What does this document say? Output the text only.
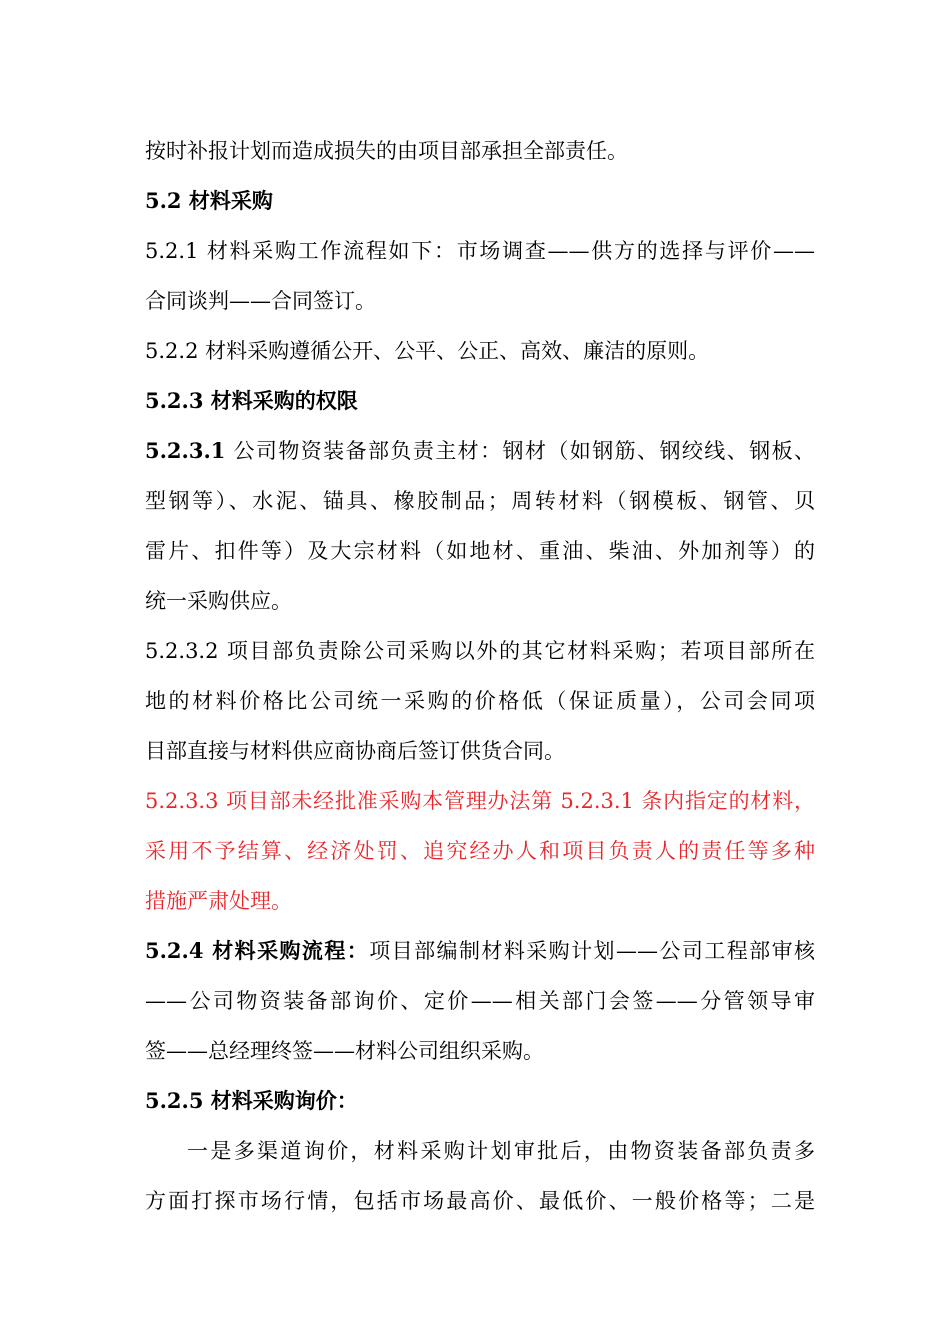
按时补报计划而造成损失的由项目部承担全部责任。
5.2 材料采购
5.2.1 材料采购工作流程如下：市场调查——供方的选择与评价——
合同谈判——合同签订。
5.2.2 材料采购遵循公开、公平、公正、高效、廉洁的原则。
5.2.3 材料采购的权限
5.2.3.1 公司物资装备部负责主材：钢材（如钢筋、钢绞线、钢板、
型钢等）、水泥、锚具、橡胶制品；周转材料（钢模板、钢管、贝
雷片、扣件等）及大宗材料（如地材、重油、柴油、外加剂等）的
统一采购供应。
5.2.3.2 项目部负责除公司采购以外的其它材料采购；若项目部所在
地的材料价格比公司统一采购的价格低（保证质量），公司会同项
目部直接与材料供应商协商后签订供货合同。
5.2.3.3 项目部未经批准采购本管理办法第 5.2.3.1 条内指定的材料，
采用不予结算、经济处罚、追究经办人和项目负责人的责任等多种
措施严肃处理。
5.2.4 材料采购流程：项目部编制材料采购计划——公司工程部审核
——公司物资装备部询价、定价——相关部门会签——分管领导审
签——总经理终签——材料公司组织采购。
5.2.5 材料采购询价：
一是多渠道询价，材料采购计划审批后，由物资装备部负责多
方面打探市场行情，包括市场最高价、最低价、一般价格等；二是
